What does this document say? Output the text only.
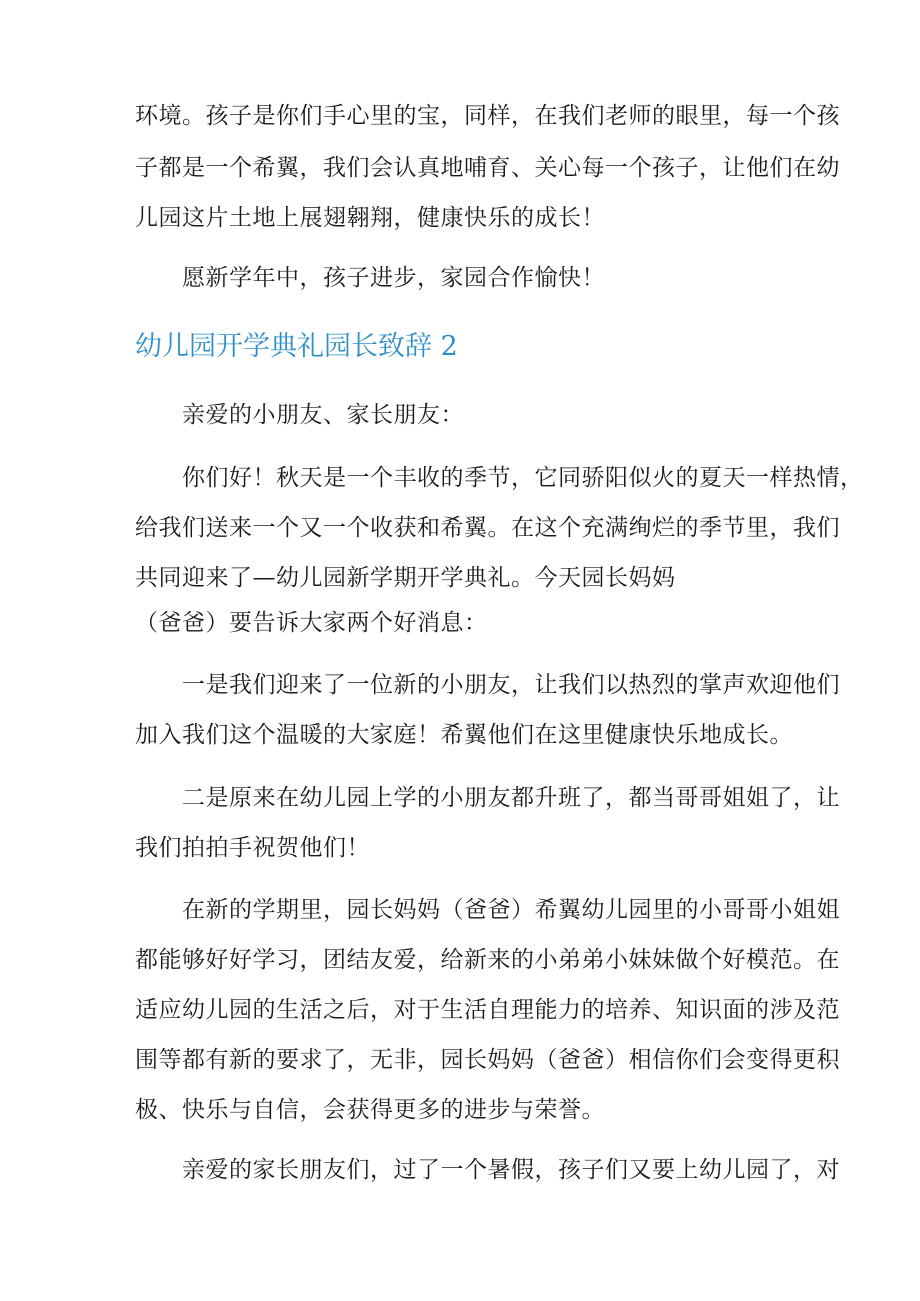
环境。孩子是你们手心里的宝，同样，在我们老师的眼里，每一个孩
子都是一个希翼，我们会认真地哺育、关心每一个孩子，让他们在幼
儿园这片土地上展翅翱翔，健康快乐的成长！
愿新学年中，孩子进步，家园合作愉快！
幼儿园开学典礼园长致辞 2
亲爱的小朋友、家长朋友：
你们好！秋天是一个丰收的季节，它同骄阳似火的夏天一样热情，
给我们送来一个又一个收获和希翼。在这个充满绚烂的季节里，我们
共同迎来了—幼儿园新学期开学典礼。今天园长妈妈
（爸爸）要告诉大家两个好消息：
一是我们迎来了一位新的小朋友，让我们以热烈的掌声欢迎他们
加入我们这个温暖的大家庭！希翼他们在这里健康快乐地成长。
二是原来在幼儿园上学的小朋友都升班了，都当哥哥姐姐了，让
我们拍拍手祝贺他们！
在新的学期里，园长妈妈（爸爸）希翼幼儿园里的小哥哥小姐姐
都能够好好学习，团结友爱，给新来的小弟弟小妹妹做个好模范。在
适应幼儿园的生活之后，对于生活自理能力的培养、知识面的涉及范
围等都有新的要求了，无非，园长妈妈（爸爸）相信你们会变得更积
极、快乐与自信，会获得更多的进步与荣誉。
亲爱的家长朋友们，过了一个暑假，孩子们又要上幼儿园了，对
